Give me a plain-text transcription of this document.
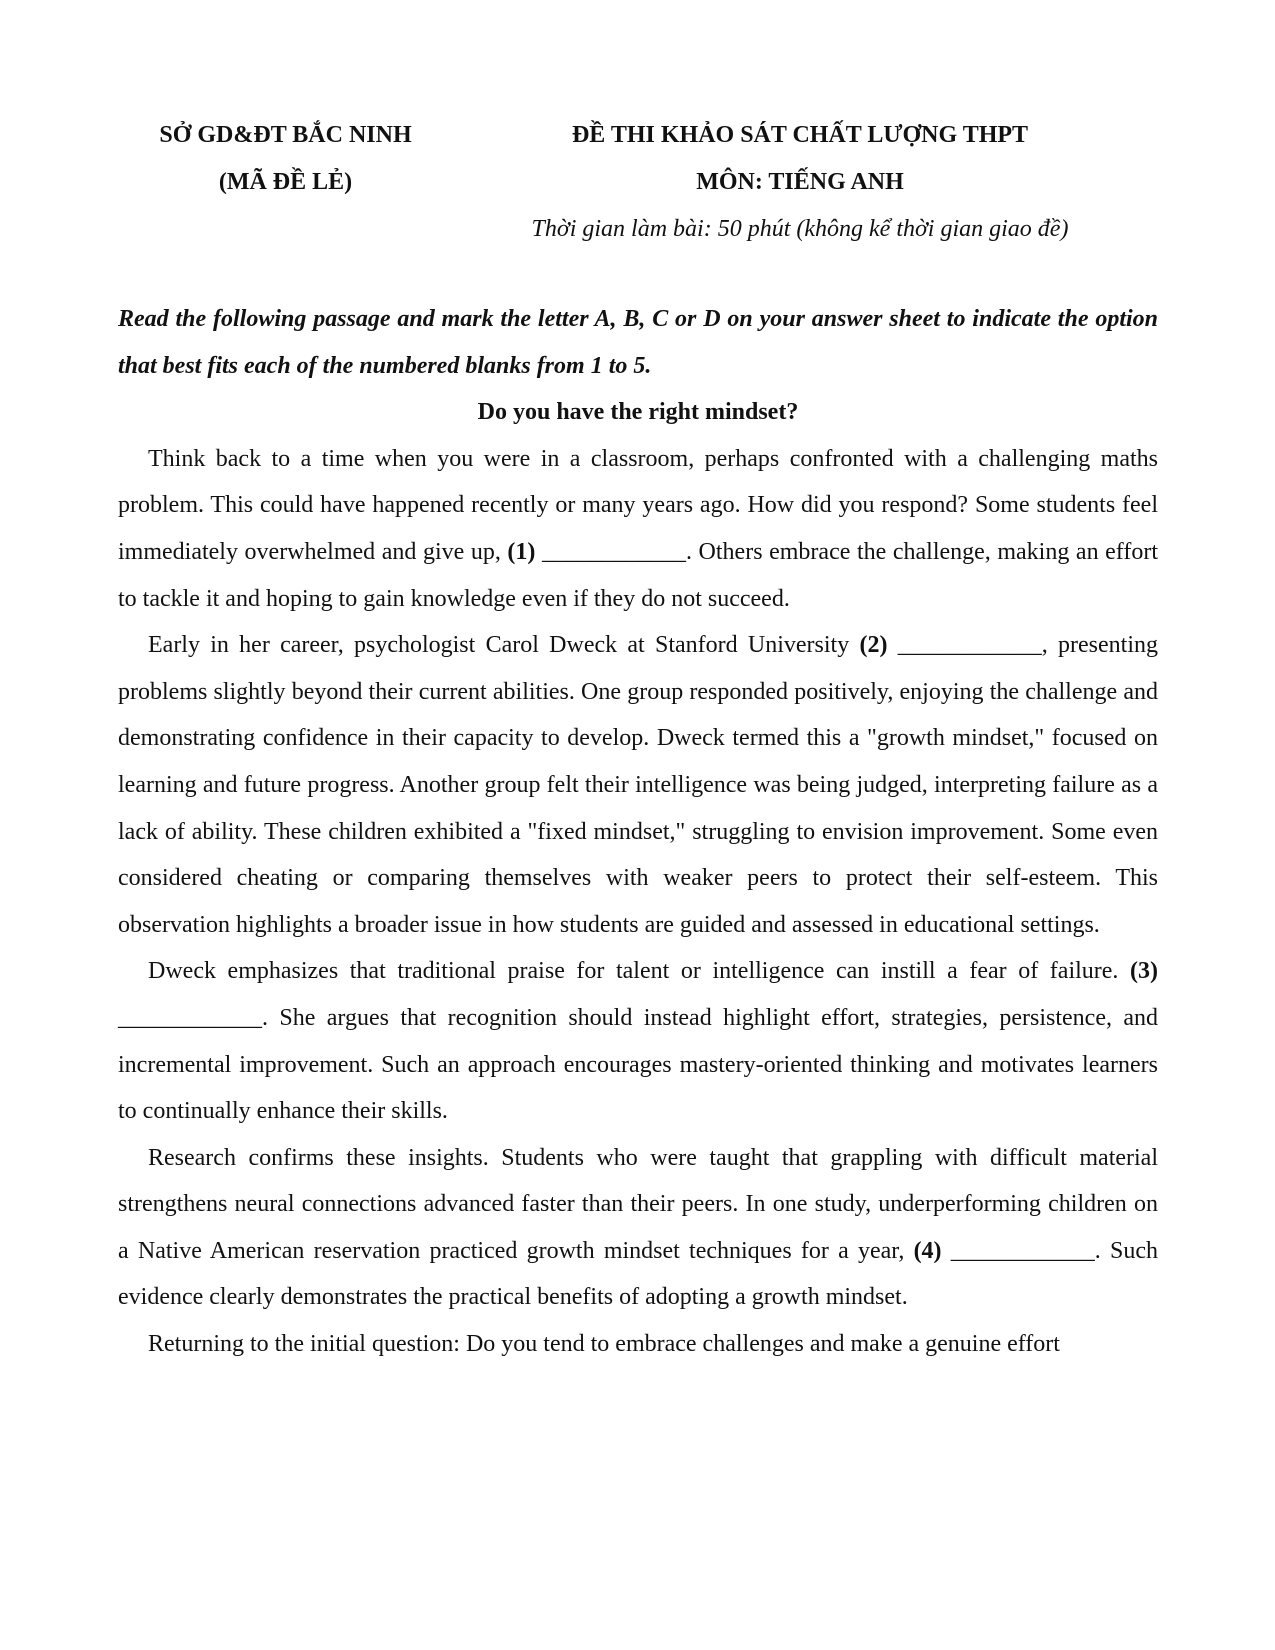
SỞ GD&ĐT BẮC NINH
(MÃ ĐỀ LẺ)
ĐỀ THI KHẢO SÁT CHẤT LƯỢNG THPT
MÔN: TIẾNG ANH
Thời gian làm bài: 50 phút (không kể thời gian giao đề)

Read the following passage and mark the letter A, B, C or D on your answer sheet to indicate the option that best fits each of the numbered blanks from 1 to 5.

Do you have the right mindset?

Think back to a time when you were in a classroom, perhaps confronted with a challenging maths problem. This could have happened recently or many years ago. How did you respond? Some students feel immediately overwhelmed and give up, (1) ____________. Others embrace the challenge, making an effort to tackle it and hoping to gain knowledge even if they do not succeed.

Early in her career, psychologist Carol Dweck at Stanford University (2) ____________, presenting problems slightly beyond their current abilities. One group responded positively, enjoying the challenge and demonstrating confidence in their capacity to develop. Dweck termed this a "growth mindset," focused on learning and future progress. Another group felt their intelligence was being judged, interpreting failure as a lack of ability. These children exhibited a "fixed mindset," struggling to envision improvement. Some even considered cheating or comparing themselves with weaker peers to protect their self-esteem. This observation highlights a broader issue in how students are guided and assessed in educational settings.

Dweck emphasizes that traditional praise for talent or intelligence can instill a fear of failure. (3) ____________. She argues that recognition should instead highlight effort, strategies, persistence, and incremental improvement. Such an approach encourages mastery-oriented thinking and motivates learners to continually enhance their skills.

Research confirms these insights. Students who were taught that grappling with difficult material strengthens neural connections advanced faster than their peers. In one study, underperforming children on a Native American reservation practiced growth mindset techniques for a year, (4) ____________. Such evidence clearly demonstrates the practical benefits of adopting a growth mindset.

Returning to the initial question: Do you tend to embrace challenges and make a genuine effort
